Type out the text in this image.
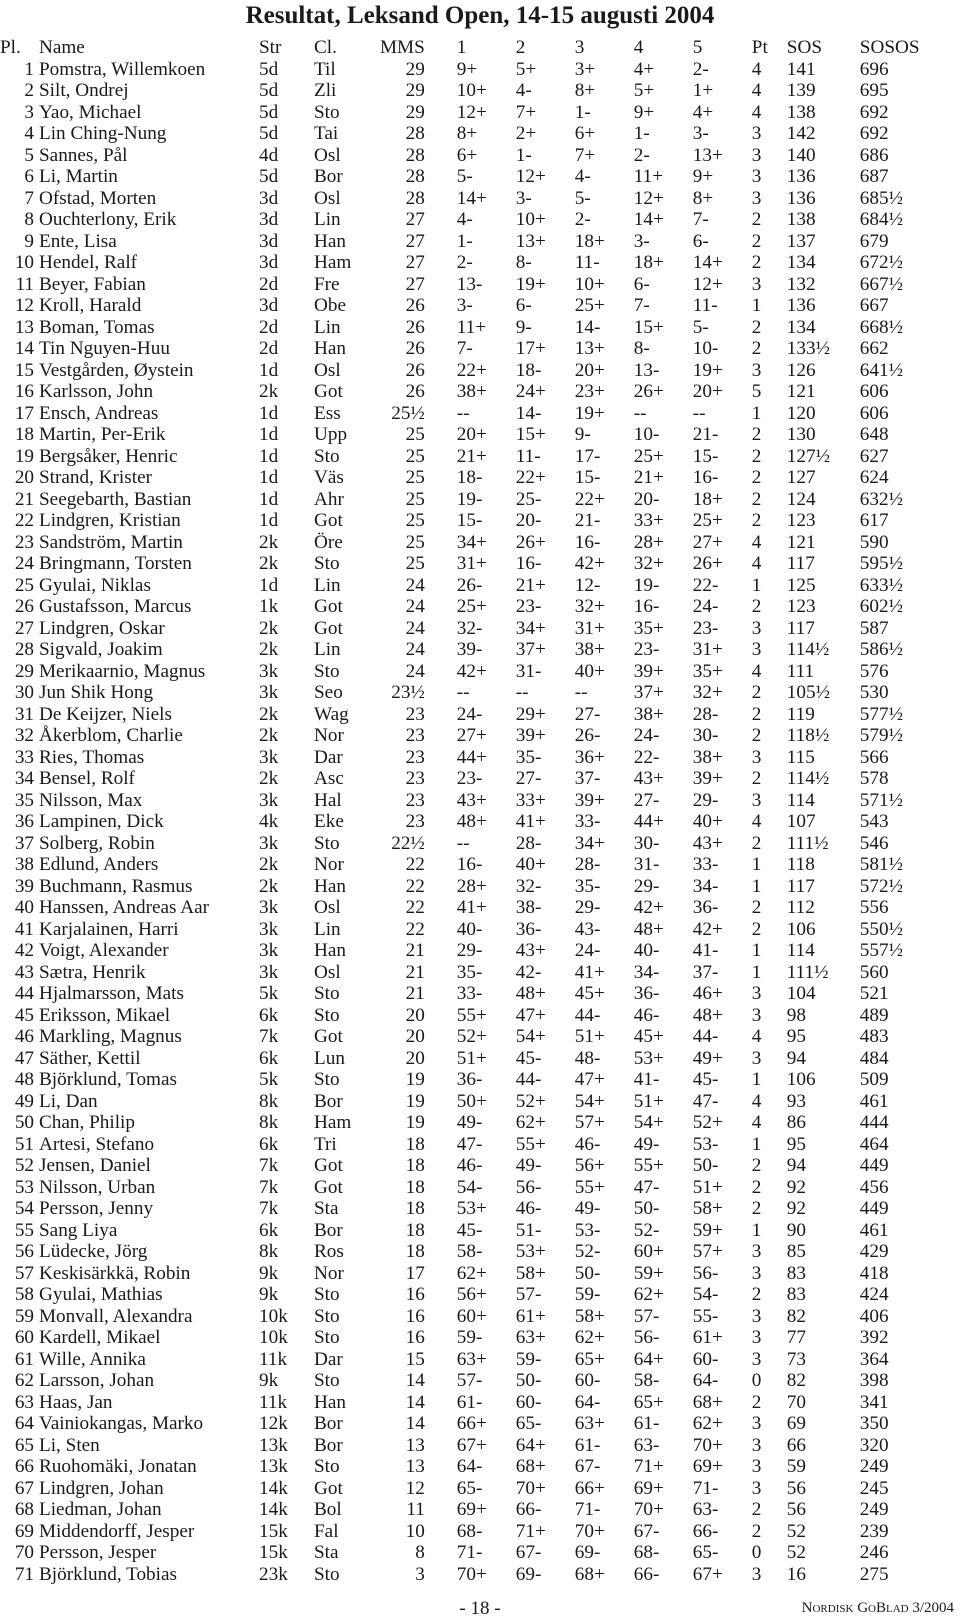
Resultat, Leksand Open, 14-15 augusti 2004
Pl.	Name	Str	Cl.	MMS	1	2	3	4	5	Pt	SOS	SOSOS
1	Pomstra, Willemkoen	5d	Til	29	9+	5+	3+	4+	2-	4	141	696
2	Silt, Ondrej	5d	Zli	29	10+	4-	8+	5+	1+	4	139	695
3	Yao, Michael	5d	Sto	29	12+	7+	1-	9+	4+	4	138	692
4	Lin Ching-Nung	5d	Tai	28	8+	2+	6+	1-	3-	3	142	692
5	Sannes, Pål	4d	Osl	28	6+	1-	7+	2-	13+	3	140	686
6	Li, Martin	5d	Bor	28	5-	12+	4-	11+	9+	3	136	687
7	Ofstad, Morten	3d	Osl	28	14+	3-	5-	12+	8+	3	136	685½
8	Ouchterlony, Erik	3d	Lin	27	4-	10+	2-	14+	7-	2	138	684½
9	Ente, Lisa	3d	Han	27	1-	13+	18+	3-	6-	2	137	679
10	Hendel, Ralf	3d	Ham	27	2-	8-	11-	18+	14+	2	134	672½
11	Beyer, Fabian	2d	Fre	27	13-	19+	10+	6-	12+	3	132	667½
12	Kroll, Harald	3d	Obe	26	3-	6-	25+	7-	11-	1	136	667
13	Boman, Tomas	2d	Lin	26	11+	9-	14-	15+	5-	2	134	668½
14	Tin Nguyen-Huu	2d	Han	26	7-	17+	13+	8-	10-	2	133½	662
15	Vestgården, Øystein	1d	Osl	26	22+	18-	20+	13-	19+	3	126	641½
16	Karlsson, John	2k	Got	26	38+	24+	23+	26+	20+	5	121	606
17	Ensch, Andreas	1d	Ess	25½	--	14-	19+	--	--	1	120	606
18	Martin, Per-Erik	1d	Upp	25	20+	15+	9-	10-	21-	2	130	648
19	Bergsåker, Henric	1d	Sto	25	21+	11-	17-	25+	15-	2	127½	627
20	Strand, Krister	1d	Väs	25	18-	22+	15-	21+	16-	2	127	624
21	Seegebarth, Bastian	1d	Ahr	25	19-	25-	22+	20-	18+	2	124	632½
22	Lindgren, Kristian	1d	Got	25	15-	20-	21-	33+	25+	2	123	617
23	Sandström, Martin	2k	Öre	25	34+	26+	16-	28+	27+	4	121	590
24	Bringmann, Torsten	2k	Sto	25	31+	16-	42+	32+	26+	4	117	595½
25	Gyulai, Niklas	1d	Lin	24	26-	21+	12-	19-	22-	1	125	633½
26	Gustafsson, Marcus	1k	Got	24	25+	23-	32+	16-	24-	2	123	602½
27	Lindgren, Oskar	2k	Got	24	32-	34+	31+	35+	23-	3	117	587
28	Sigvald, Joakim	2k	Lin	24	39-	37+	38+	23-	31+	3	114½	586½
29	Merikaarnio, Magnus	3k	Sto	24	42+	31-	40+	39+	35+	4	111	576
30	Jun Shik Hong	3k	Seo	23½	--	--	--	37+	32+	2	105½	530
31	De Keijzer, Niels	2k	Wag	23	24-	29+	27-	38+	28-	2	119	577½
32	Åkerblom, Charlie	2k	Nor	23	27+	39+	26-	24-	30-	2	118½	579½
33	Ries, Thomas	3k	Dar	23	44+	35-	36+	22-	38+	3	115	566
34	Bensel, Rolf	2k	Asc	23	23-	27-	37-	43+	39+	2	114½	578
35	Nilsson, Max	3k	Hal	23	43+	33+	39+	27-	29-	3	114	571½
36	Lampinen, Dick	4k	Eke	23	48+	41+	33-	44+	40+	4	107	543
37	Solberg, Robin	3k	Sto	22½	--	28-	34+	30-	43+	2	111½	546
38	Edlund, Anders	2k	Nor	22	16-	40+	28-	31-	33-	1	118	581½
39	Buchmann, Rasmus	2k	Han	22	28+	32-	35-	29-	34-	1	117	572½
40	Hanssen, Andreas Aar	3k	Osl	22	41+	38-	29-	42+	36-	2	112	556
41	Karjalainen, Harri	3k	Lin	22	40-	36-	43-	48+	42+	2	106	550½
42	Voigt, Alexander	3k	Han	21	29-	43+	24-	40-	41-	1	114	557½
43	Sætra, Henrik	3k	Osl	21	35-	42-	41+	34-	37-	1	111½	560
44	Hjalmarsson, Mats	5k	Sto	21	33-	48+	45+	36-	46+	3	104	521
45	Eriksson, Mikael	6k	Sto	20	55+	47+	44-	46-	48+	3	98	489
46	Markling, Magnus	7k	Got	20	52+	54+	51+	45+	44-	4	95	483
47	Säther, Kettil	6k	Lun	20	51+	45-	48-	53+	49+	3	94	484
48	Björklund, Tomas	5k	Sto	19	36-	44-	47+	41-	45-	1	106	509
49	Li, Dan	8k	Bor	19	50+	52+	54+	51+	47-	4	93	461
50	Chan, Philip	8k	Ham	19	49-	62+	57+	54+	52+	4	86	444
51	Artesi, Stefano	6k	Tri	18	47-	55+	46-	49-	53-	1	95	464
52	Jensen, Daniel	7k	Got	18	46-	49-	56+	55+	50-	2	94	449
53	Nilsson, Urban	7k	Got	18	54-	56-	55+	47-	51+	2	92	456
54	Persson, Jenny	7k	Sta	18	53+	46-	49-	50-	58+	2	92	449
55	Sang Liya	6k	Bor	18	45-	51-	53-	52-	59+	1	90	461
56	Lüdecke, Jörg	8k	Ros	18	58-	53+	52-	60+	57+	3	85	429
57	Keskisärkkä, Robin	9k	Nor	17	62+	58+	50-	59+	56-	3	83	418
58	Gyulai, Mathias	9k	Sto	16	56+	57-	59-	62+	54-	2	83	424
59	Monvall, Alexandra	10k	Sto	16	60+	61+	58+	57-	55-	3	82	406
60	Kardell, Mikael	10k	Sto	16	59-	63+	62+	56-	61+	3	77	392
61	Wille, Annika	11k	Dar	15	63+	59-	65+	64+	60-	3	73	364
62	Larsson, Johan	9k	Sto	14	57-	50-	60-	58-	64-	0	82	398
63	Haas, Jan	11k	Han	14	61-	60-	64-	65+	68+	2	70	341
64	Vainiokangas, Marko	12k	Bor	14	66+	65-	63+	61-	62+	3	69	350
65	Li, Sten	13k	Bor	13	67+	64+	61-	63-	70+	3	66	320
66	Ruohomäki, Jonatan	13k	Sto	13	64-	68+	67-	71+	69+	3	59	249
67	Lindgren, Johan	14k	Got	12	65-	70+	66+	69+	71-	3	56	245
68	Liedman, Johan	14k	Bol	11	69+	66-	71-	70+	63-	2	56	249
69	Middendorff, Jesper	15k	Fal	10	68-	71+	70+	67-	66-	2	52	239
70	Persson, Jesper	15k	Sta	8	71-	67-	69-	68-	65-	0	52	246
71	Björklund, Tobias	23k	Sto	3	70+	69-	68+	66-	67+	3	16	275
- 18 -	Nordisk GoBlad 3/2004
